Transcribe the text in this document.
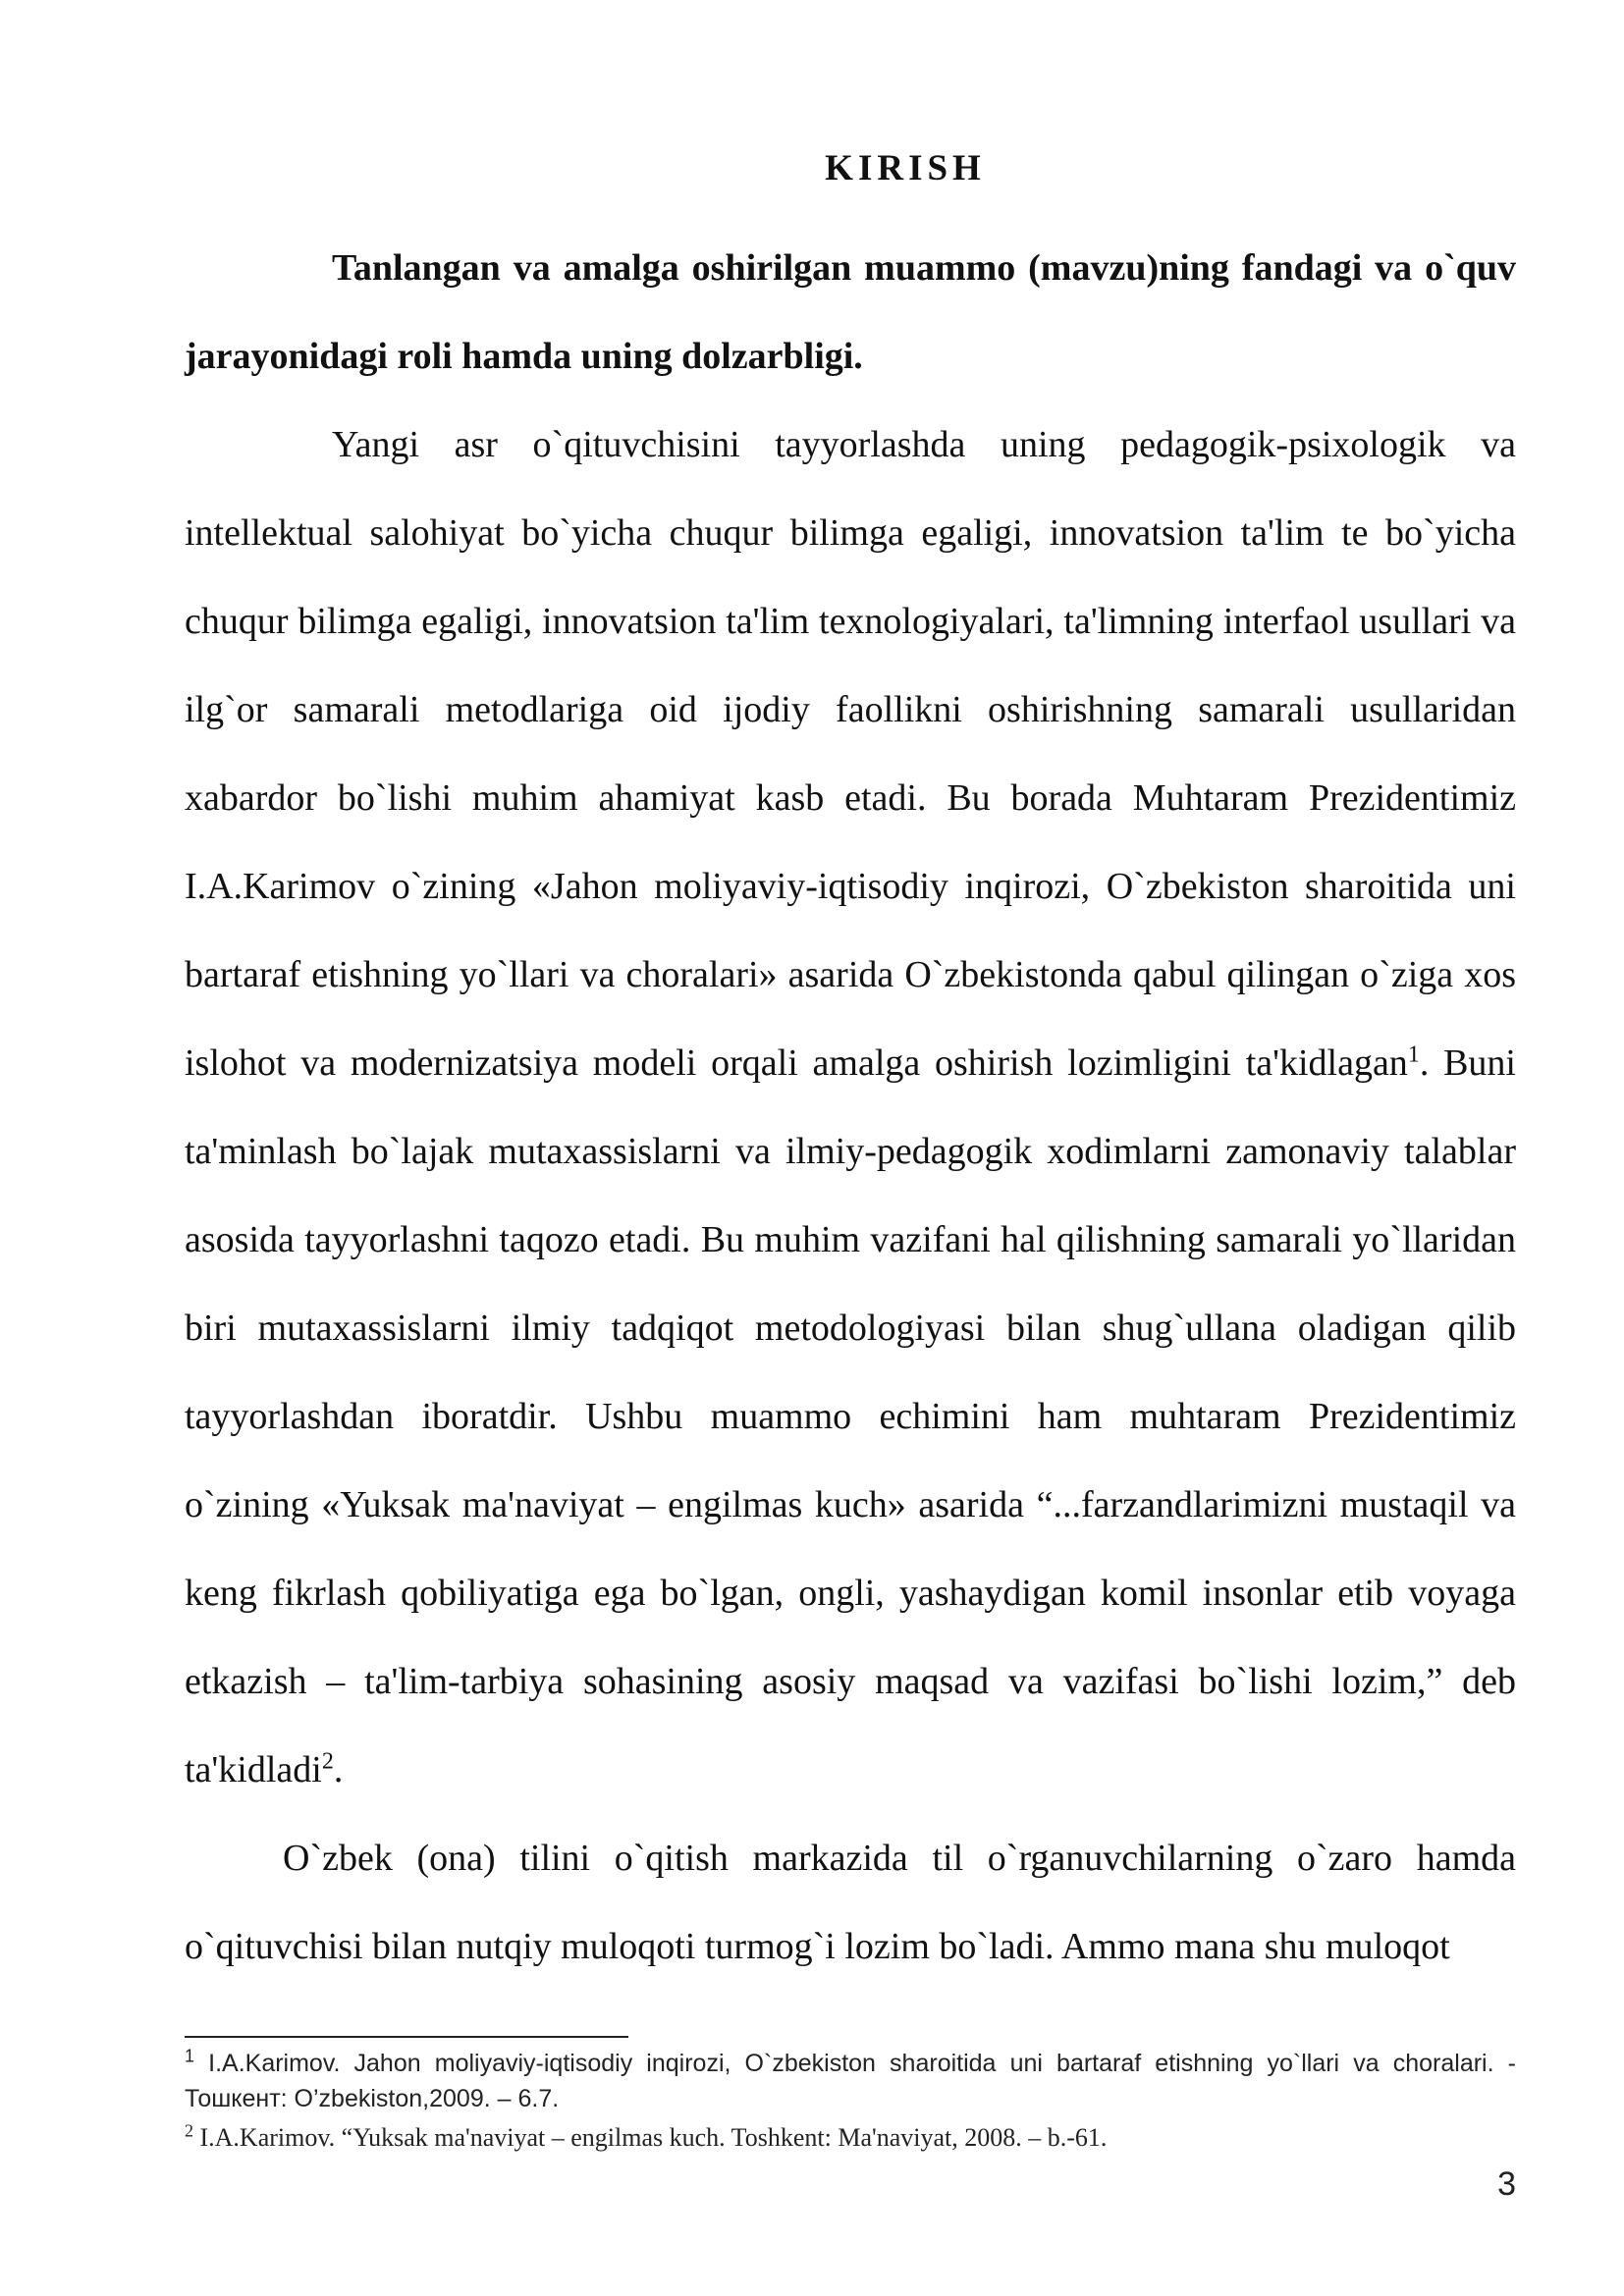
KIRISH

Tanlangan va amalga oshirilgan muammo (mavzu)ning fandagi va o`quv jarayonidagi roli hamda uning dolzarbligi.

Yangi asr o`qituvchisini tayyorlashda uning pedagogik-psixologik va intellektual salohiyat bo`yicha chuqur bilimga egaligi, innovatsion ta'lim te bo`yicha chuqur bilimga egaligi, innovatsion ta'lim texnologiyalari, ta'limning interfaol usullari va ilg`or samarali metodlariga oid ijodiy faollikni oshirishning samarali usullaridan xabardor bo`lishi muhim ahamiyat kasb etadi. Bu borada Muhtaram Prezidentimiz I.A.Karimov o`zining «Jahon moliyaviy-iqtisodiy inqirozi, O`zbekiston sharoitida uni bartaraf etishning yo`llari va choralari» asarida O`zbekistonda qabul qilingan o`ziga xos islohot va modernizatsiya modeli orqali amalga oshirish lozimligini ta'kidlagan$^1$. Buni ta'minlash bo`lajak mutaxassislarni va ilmiy-pedagogik xodimlarni zamonaviy talablar asosida tayyorlashni taqozo etadi. Bu muhim vazifani hal qilishning samarali yo`llaridan biri mutaxassislarni ilmiy tadqiqot metodologiyasi bilan shug`ullana oladigan qilib tayyorlashdan iboratdir. Ushbu muammo echimini ham muhtaram Prezidentimiz o`zining «Yuksak ma'naviyat – engilmas kuch» asarida “...farzandlarimizni mustaqil va keng fikrlash qobiliyatiga ega bo`lgan, ongli, yashaydigan komil insonlar etib voyaga etkazish – ta'lim-tarbiya sohasining asosiy maqsad va vazifasi bo`lishi lozim,” deb ta'kidladi$^2$.

O`zbek (ona) tilini o`qitish markazida til o`rganuvchilarning o`zaro hamda o`qituvchisi bilan nutqiy muloqoti turmog`i lozim bo`ladi. Ammo mana shu muloqot

$^1$ I.A.Karimov. Jahon moliyaviy-iqtisodiy inqirozi, O`zbekiston sharoitida uni bartaraf etishning yo`llari va choralari. - Тошкент: O’zbekiston,2009. – 6.7.

$^2$ I.A.Karimov. “Yuksak ma'naviyat – engilmas kuch. Toshkent: Ma'naviyat, 2008. – b.-61.

3
